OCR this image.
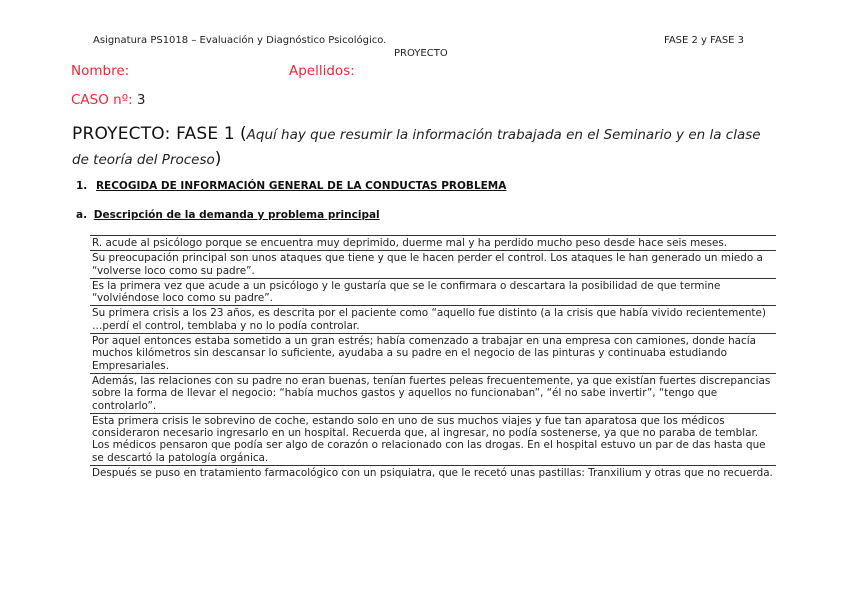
Asignatura PS1018 – Evaluación y Diagnóstico Psicológico.	FASE 2 y FASE 3
PROYECTO
Nombre:	Apellidos:
CASO nº: 3
PROYECTO: FASE 1 (Aquí hay que resumir la información trabajada en el Seminario y en la clase de teoría del Proceso)
1. RECOGIDA DE INFORMACIÓN GENERAL DE LA CONDUCTAS PROBLEMA
a. Descripción de la demanda y problema principal
R. acude al psicólogo porque se encuentra muy deprimido, duerme mal y ha perdido mucho peso desde hace seis meses.
Su preocupación principal son unos ataques que tiene y que le hacen perder el control. Los ataques le han generado un miedo a “volverse loco como su padre”.
Es la primera vez que acude a un psicólogo y le gustaría que se le confirmara o descartara la posibilidad de que termine “volviéndose loco como su padre”.
Su primera crisis a los 23 años, es descrita por el paciente como “aquello fue distinto (a la crisis que había vivido recientemente) …perdí el control, temblaba y no lo podía controlar.
Por aquel entonces estaba sometido a un gran estrés; había comenzado a trabajar en una empresa con camiones, donde hacía muchos kilómetros sin descansar lo suficiente, ayudaba a su padre en el negocio de las pinturas y continuaba estudiando Empresariales.
Además, las relaciones con su padre no eran buenas, tenían fuertes peleas frecuentemente, ya que existían fuertes discrepancias sobre la forma de llevar el negocio: “había muchos gastos y aquellos no funcionaban”, “él no sabe invertir”, “tengo que controlarlo”.
Esta primera crisis le sobrevino de coche, estando solo en uno de sus muchos viajes y fue tan aparatosa que los médicos consideraron necesario ingresarlo en un hospital. Recuerda que, al ingresar, no podía sostenerse, ya que no paraba de temblar. Los médicos pensaron que podía ser algo de corazón o relacionado con las drogas. En el hospital estuvo un par de das hasta que se descartó la patología orgánica.
Después se puso en tratamiento farmacológico con un psiquiatra, que le recetó unas pastillas: Tranxilium y otras que no recuerda.
